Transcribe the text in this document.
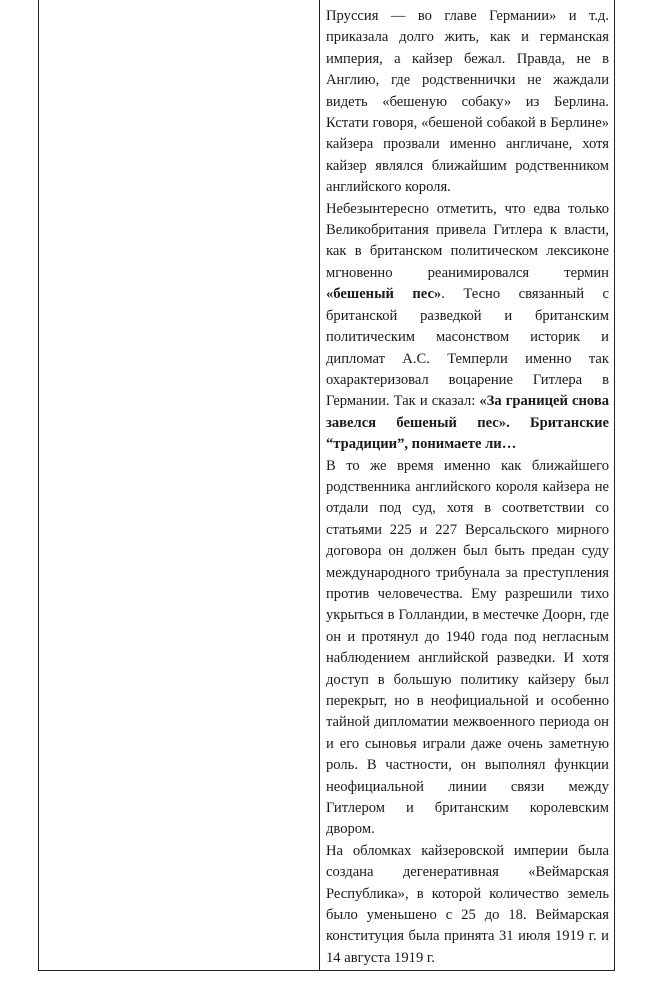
Пруссия — во главе Германии» и т.д. приказала долго жить, как и германская империя, а кайзер бежал. Правда, не в Англию, где родственнички не жаждали видеть «бешеную собаку» из Берлина. Кстати говоря, «бешеной собакой в Берлине» кайзера прозвали именно англичане, хотя кайзер являлся ближайшим родственником английского короля.

Небезынтересно отметить, что едва только Великобритания привела Гитлера к власти, как в британском политическом лексиконе мгновенно реанимировался термин «бешеный пес». Тесно связанный с британской разведкой и британским политическим масонством историк и дипломат А.С. Темперли именно так охарактеризовал воцарение Гитлера в Германии. Так и сказал: «За границей снова завелся бешеный пес». Британские “традиции”, понимаете ли…

В то же время именно как ближайшего родственника английского короля кайзера не отдали под суд, хотя в соответствии со статьями 225 и 227 Версальского мирного договора он должен был быть предан суду международного трибунала за преступления против человечества. Ему разрешили тихо укрыться в Голландии, в местечке Доорн, где он и протянул до 1940 года под негласным наблюдением английской разведки. И хотя доступ в большую политику кайзеру был перекрыт, но в неофициальной и особенно тайной дипломатии межвоенного периода он и его сыновья играли даже очень заметную роль. В частности, он выполнял функции неофициальной линии связи между Гитлером и британским королевским двором.

На обломках кайзеровской империи была создана дегенеративная «Веймарская Республика», в которой количество земель было уменьшено с 25 до 18. Веймарская конституция была принята 31 июля 1919 г. и 14 августа 1919 г.
